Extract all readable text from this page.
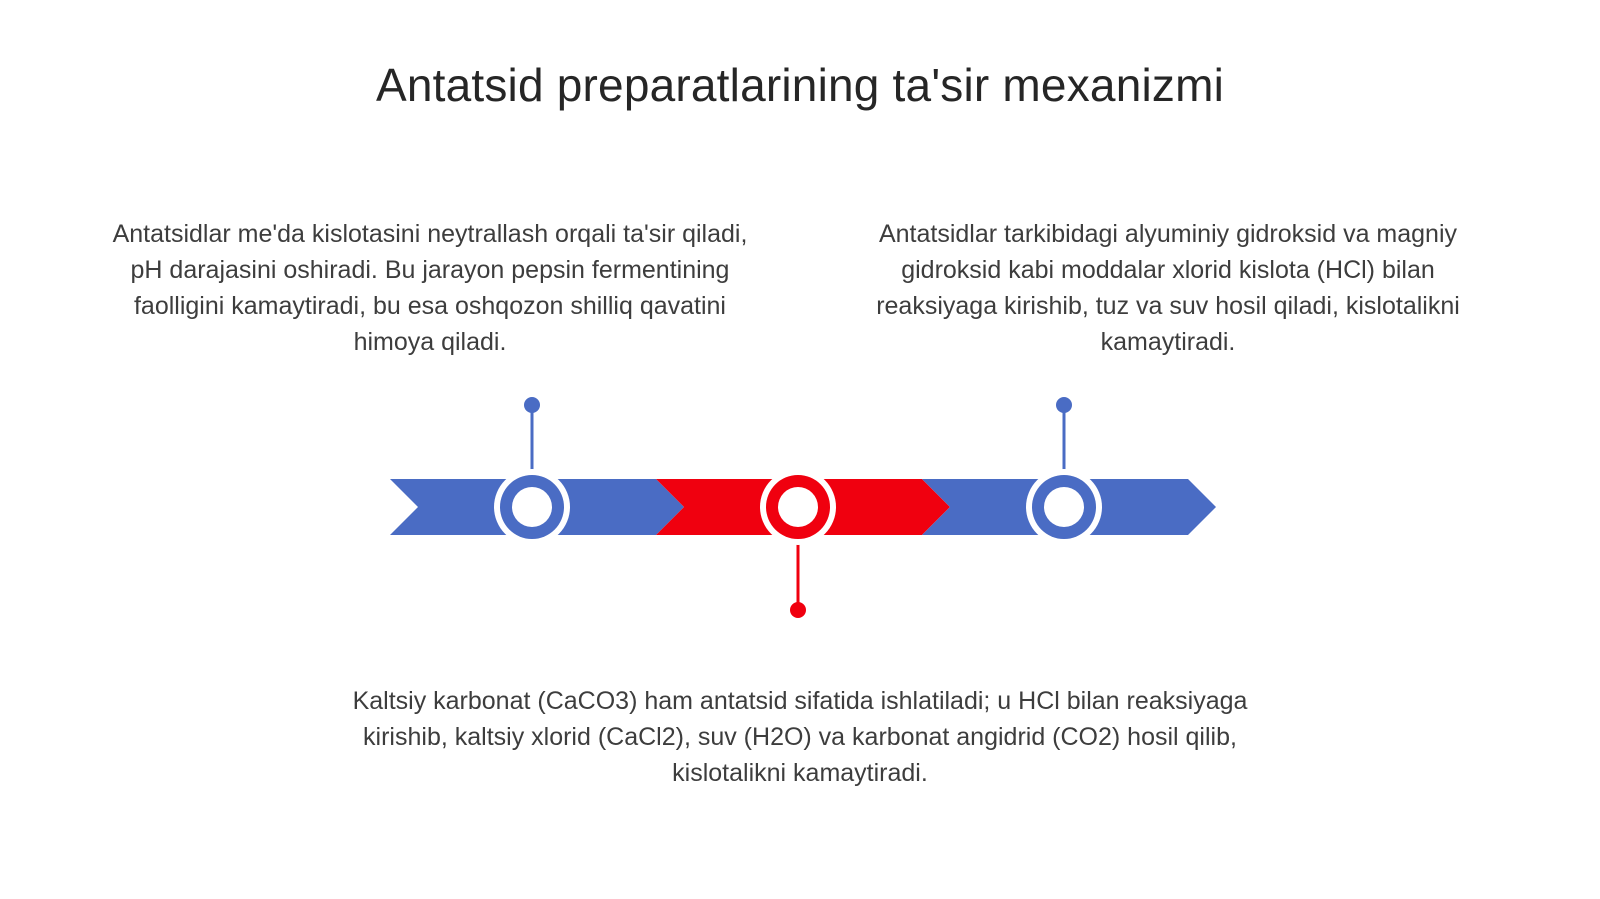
Antatsid preparatlarining ta'sir mexanizmi

Antatsidlar me'da kislotasini neytrallash orqali ta'sir qiladi, pH darajasini oshiradi. Bu jarayon pepsin fermentining faolligini kamaytiradi, bu esa oshqozon shilliq qavatini himoya qiladi.

Antatsidlar tarkibidagi alyuminiy gidroksid va magniy gidroksid kabi moddalar xlorid kislota (HCl) bilan reaksiyaga kirishib, tuz va suv hosil qiladi, kislotalikni kamaytiradi.

Kaltsiy karbonat (CaCO3) ham antatsid sifatida ishlatiladi; u HCl bilan reaksiyaga kirishib, kaltsiy xlorid (CaCl2), suv (H2O) va karbonat angidrid (CO2) hosil qilib, kislotalikni kamaytiradi.
